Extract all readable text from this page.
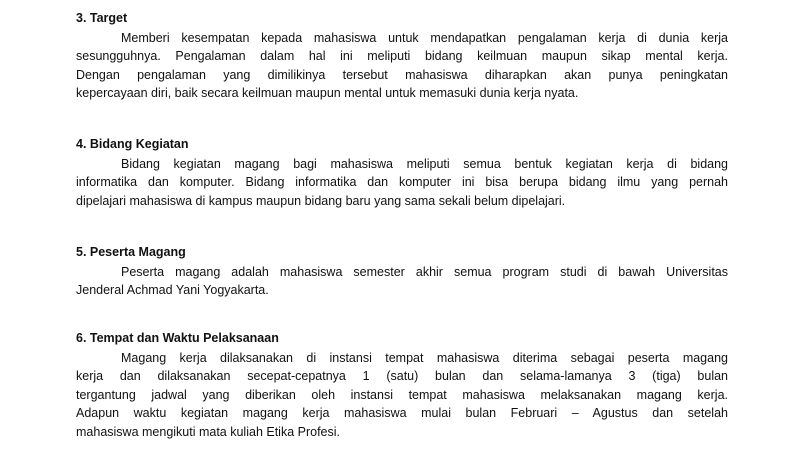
3. Target
Memberi kesempatan kepada mahasiswa untuk mendapatkan pengalaman kerja di dunia kerja
sesungguhnya. Pengalaman dalam hal ini meliputi bidang keilmuan maupun sikap mental kerja.
Dengan pengalaman yang dimilikinya tersebut mahasiswa diharapkan akan punya peningkatan
kepercayaan diri, baik secara keilmuan maupun mental untuk memasuki dunia kerja nyata.
4. Bidang Kegiatan
Bidang kegiatan magang bagi mahasiswa meliputi semua bentuk kegiatan kerja di bidang
informatika dan komputer. Bidang informatika dan komputer ini bisa berupa bidang ilmu yang pernah
dipelajari mahasiswa di kampus maupun bidang baru yang sama sekali belum dipelajari.
5. Peserta Magang
Peserta magang adalah mahasiswa semester akhir semua program studi di bawah Universitas
Jenderal Achmad Yani Yogyakarta.
6. Tempat dan Waktu Pelaksanaan
Magang kerja dilaksanakan di instansi tempat mahasiswa diterima sebagai peserta magang
kerja dan dilaksanakan secepat-cepatnya 1 (satu) bulan dan selama-lamanya 3 (tiga) bulan
tergantung jadwal yang diberikan oleh instansi tempat mahasiswa melaksanakan magang kerja.
Adapun waktu kegiatan magang kerja mahasiswa mulai bulan Februari – Agustus dan setelah
mahasiswa mengikuti mata kuliah Etika Profesi.
